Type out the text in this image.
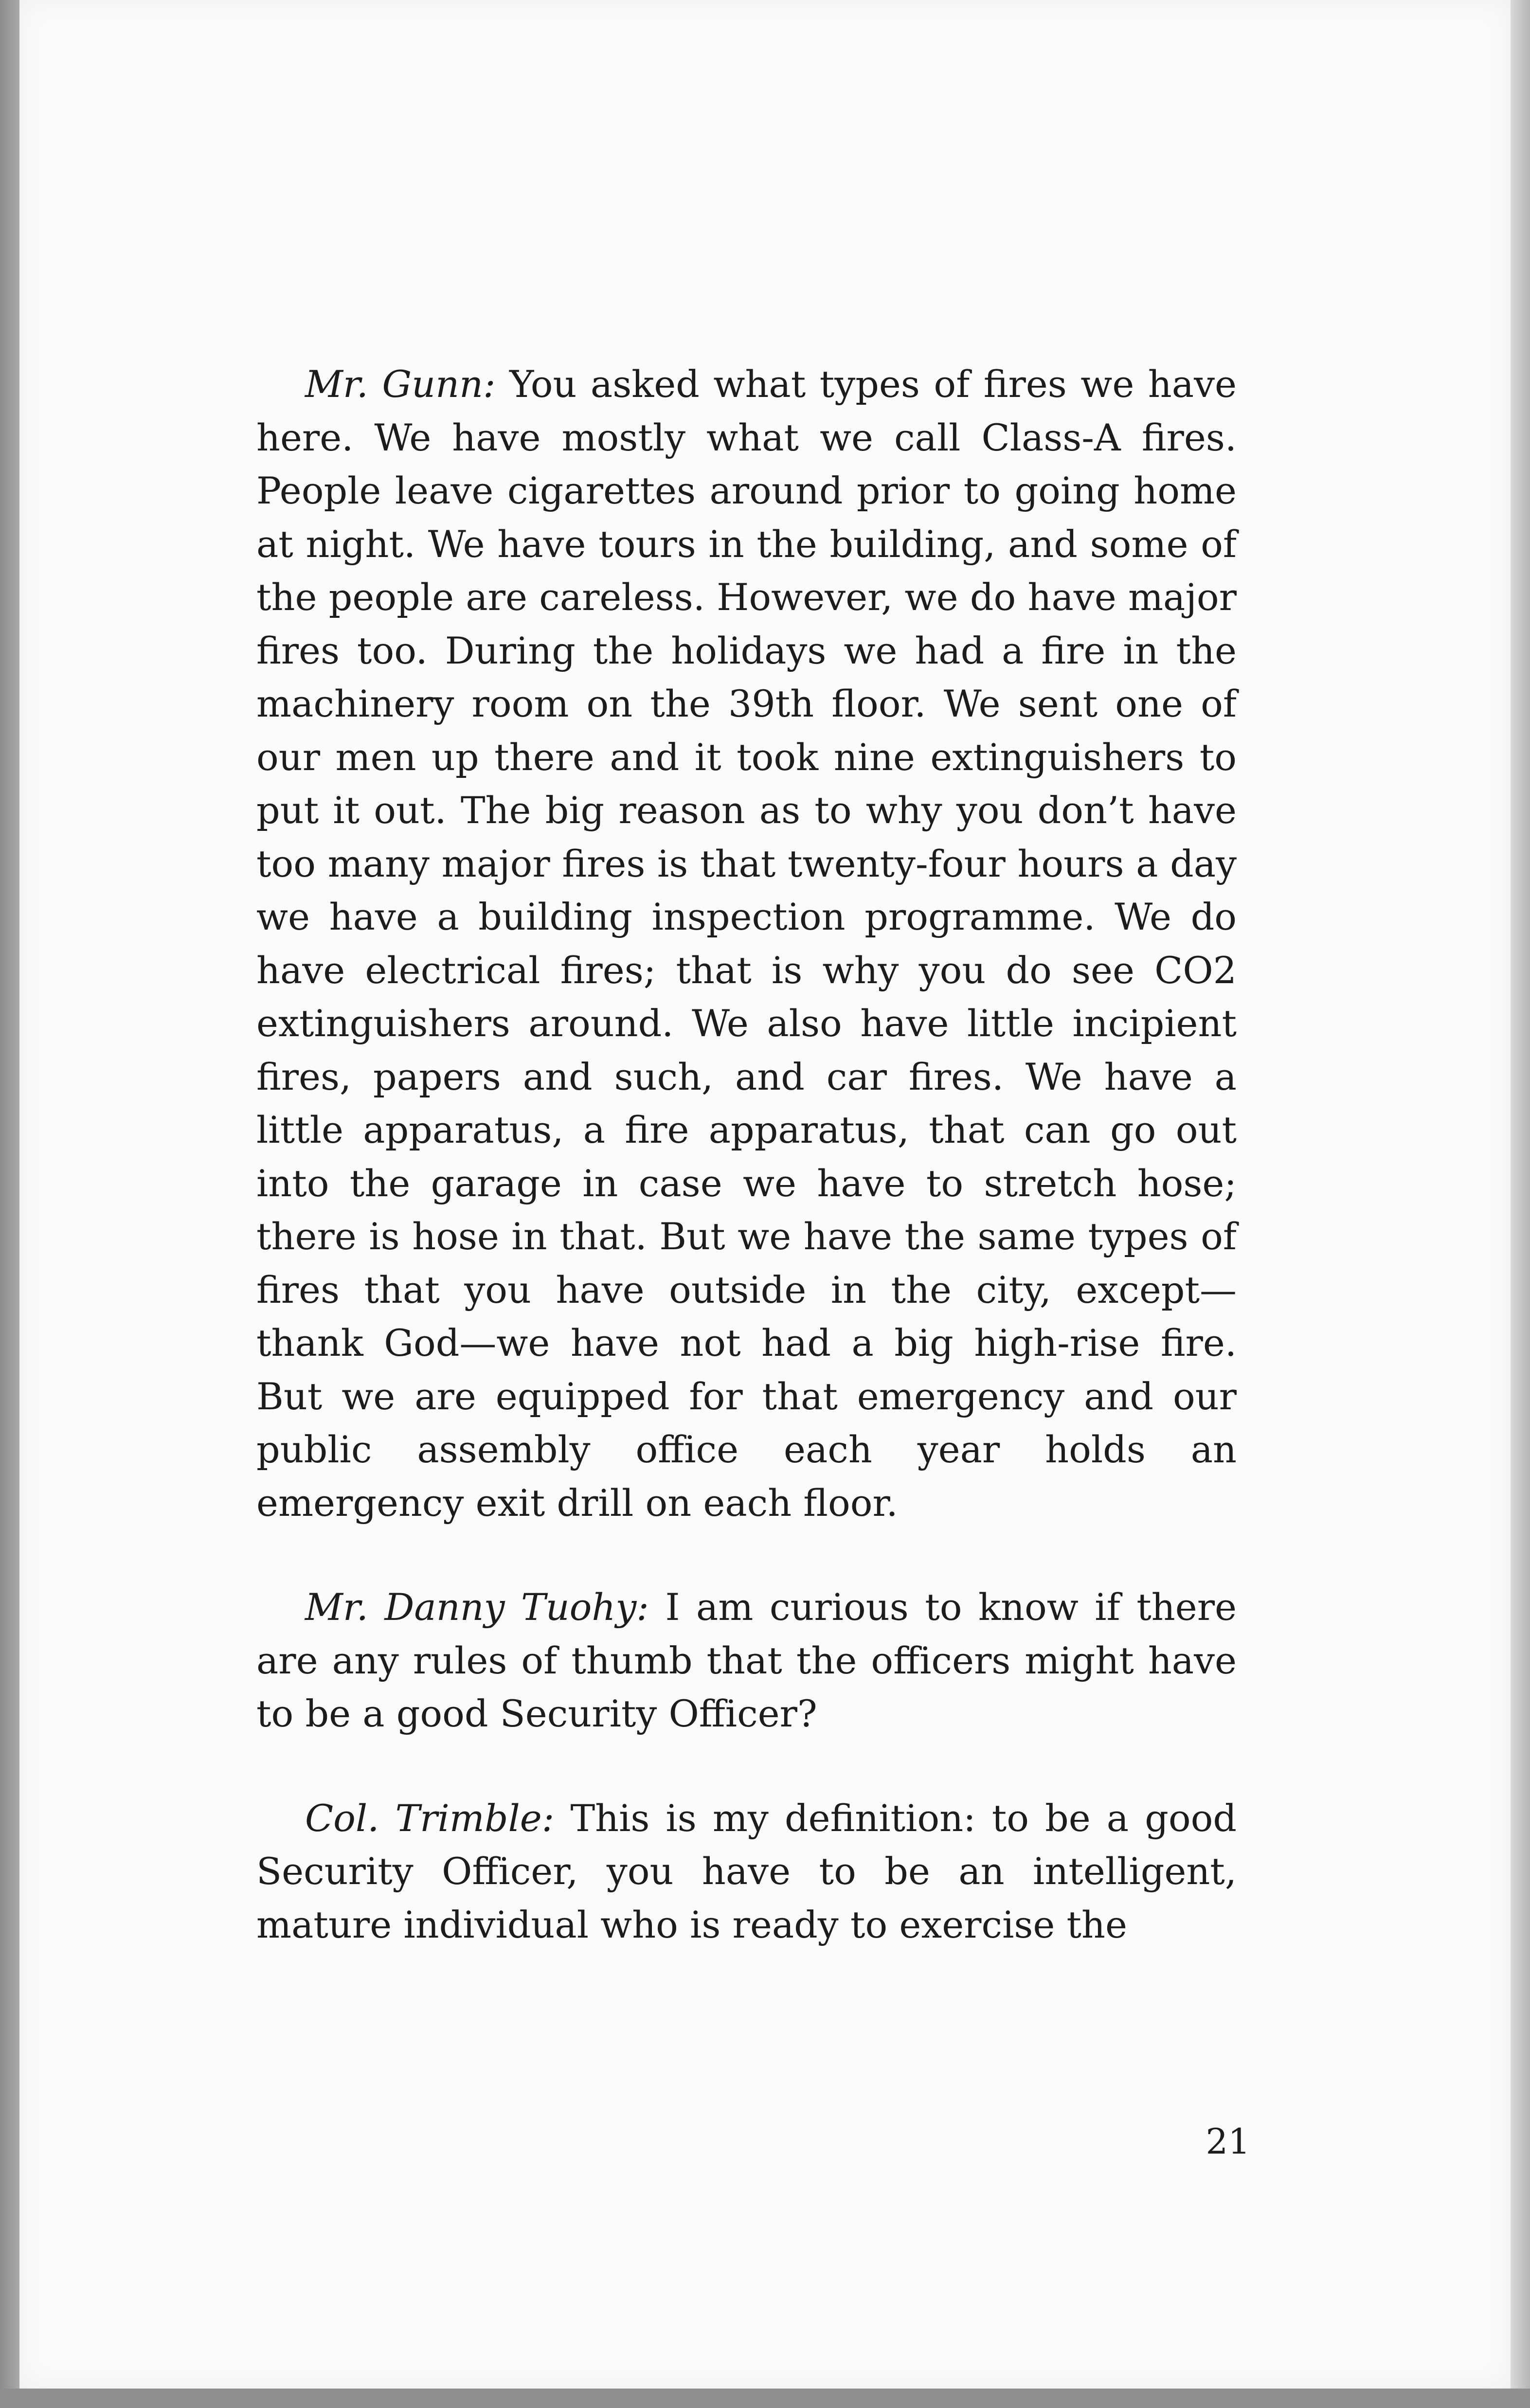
Mr. Gunn: You asked what types of fires we have here. We have mostly what we call Class-A fires. People leave cigarettes around prior to going home at night. We have tours in the building, and some of the people are careless. However, we do have major fires too. During the holidays we had a fire in the machinery room on the 39th floor. We sent one of our men up there and it took nine extinguishers to put it out. The big reason as to why you don’t have too many major fires is that twenty-four hours a day we have a building inspection programme. We do have electrical fires; that is why you do see CO2 extinguishers around. We also have little incipient fires, papers and such, and car fires. We have a little apparatus, a fire apparatus, that can go out into the garage in case we have to stretch hose; there is hose in that. But we have the same types of fires that you have outside in the city, except—thank God—we have not had a big high-rise fire. But we are equipped for that emergency and our public assembly office each year holds an emergency exit drill on each floor.

Mr. Danny Tuohy: I am curious to know if there are any rules of thumb that the officers might have to be a good Security Officer?

Col. Trimble: This is my definition: to be a good Security Officer, you have to be an intelligent, mature individual who is ready to exercise the

21
